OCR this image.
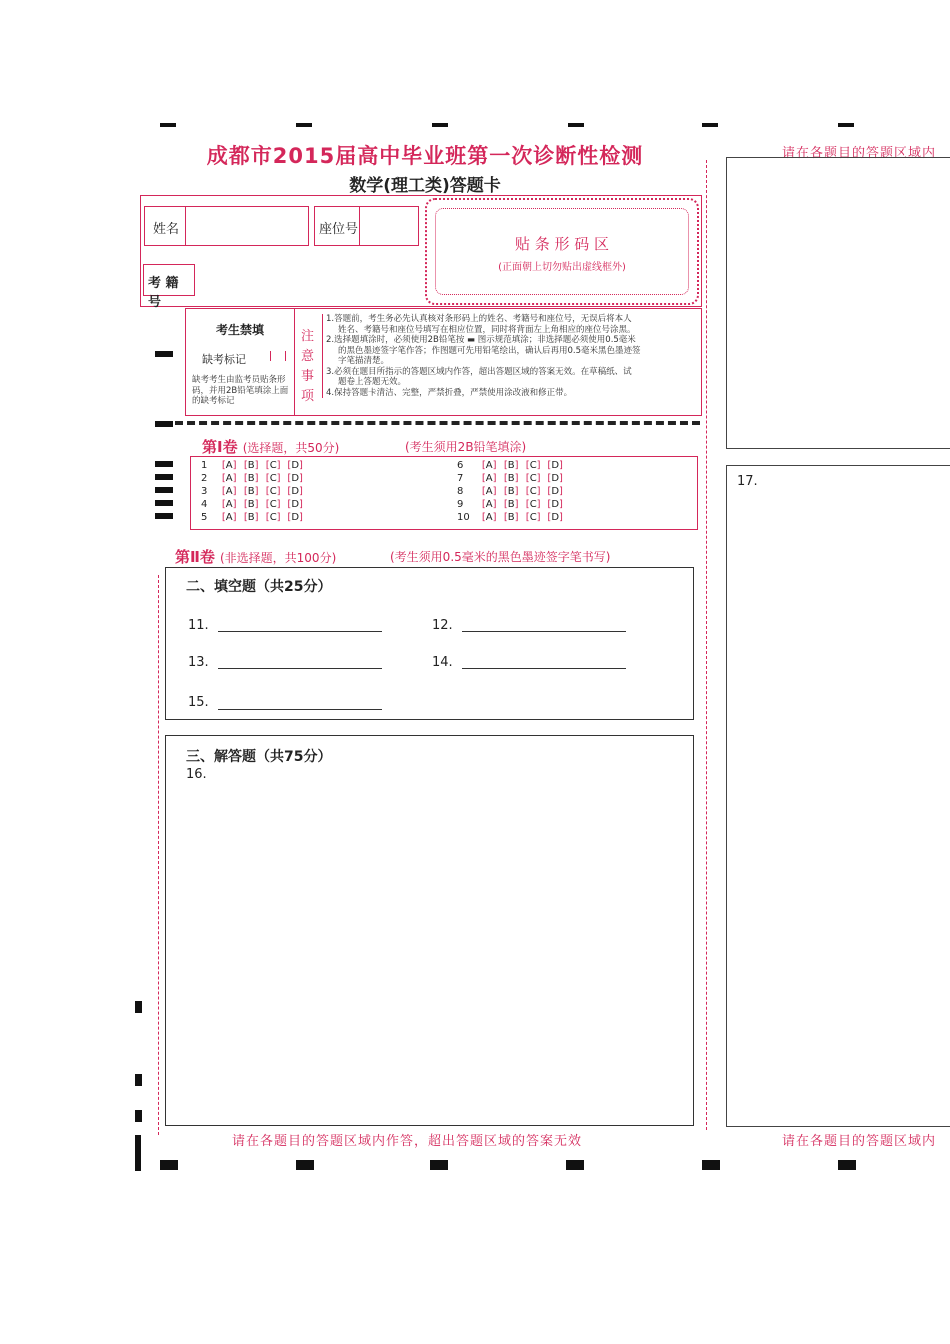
成都市2015届高中毕业班第一次诊断性检测
数学(理工类)答题卡
姓名	座位号
考 籍 号
贴 条 形 码 区
(正面朝上切勿贴出虚线框外)
考生禁填
缺考标记
缺考考生由监考员贴条形码，并用2B铅笔填涂上面的缺考标记
注
意
事
项
1.答题前，考生务必先认真核对条形码上的姓名、考籍号和座位号，无误后将本人
姓名、考籍号和座位号填写在相应位置，同时将背面左上角相应的座位号涂黑。
2.选择题填涂时，必须使用2B铅笔按 ▬ 图示规范填涂；非选择题必须使用0.5毫米
的黑色墨迹签字笔作答；作图题可先用铅笔绘出，确认后再用0.5毫米黑色墨迹签
字笔描清楚。
3.必须在题目所指示的答题区域内作答，超出答题区域的答案无效。在草稿纸、试
题卷上答题无效。
4.保持答题卡清洁、完整，严禁折叠，严禁使用涂改液和修正带。
第Ⅰ卷 (选择题，共50分)	(考生须用2B铅笔填涂)
1 [A] [B] [C] [D]
2 [A] [B] [C] [D]
3 [A] [B] [C] [D]
4 [A] [B] [C] [D]
5 [A] [B] [C] [D]
6 [A] [B] [C] [D]
7 [A] [B] [C] [D]
8 [A] [B] [C] [D]
9 [A] [B] [C] [D]
10 [A] [B] [C] [D]
第Ⅱ卷 (非选择题，共100分)	(考生须用0.5毫米的黑色墨迹签字笔书写)
二、填空题（共25分）
11.	12.
13.	14.
15.
三、解答题（共75分）
16.
请在各题目的答题区域内
17.
请在各题目的答题区域内
请在各题目的答题区域内作答，超出答题区域的答案无效
